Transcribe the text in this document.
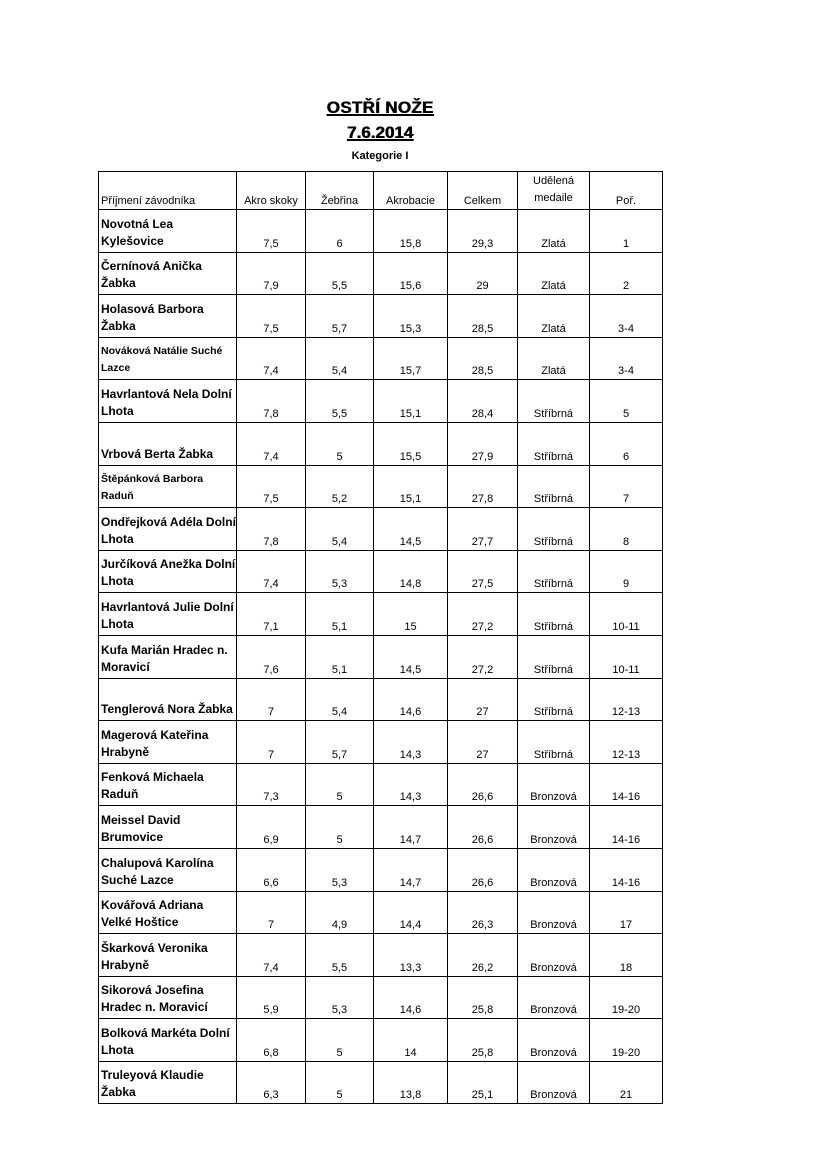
OSTŘÍ NOŽE
7.6.2014
Kategorie I
Příjmení závodníka	Akro skoky	Žebřina	Akrobacie	Celkem	Udělená
medaile	Poř.

Novotná Lea
Kylešovice	7,5	6	15,8	29,3	Zlatá	1

Černínová Anička
Žabka	7,9	5,5	15,6	29	Zlatá	2

Holasová Barbora
Žabka	7,5	5,7	15,3	28,5	Zlatá	3-4

Nováková Natálie Suché
Lazce	7,4	5,4	15,7	28,5	Zlatá	3-4

Havrlantová Nela Dolní
Lhota	7,8	5,5	15,1	28,4	Stříbrná	5

Vrbová Berta Žabka	7,4	5	15,5	27,9	Stříbrná	6

Štěpánková Barbora
Raduň	7,5	5,2	15,1	27,8	Stříbrná	7

Ondřejková Adéla Dolní
Lhota	7,8	5,4	14,5	27,7	Stříbrná	8

Jurčíková Anežka Dolní
Lhota	7,4	5,3	14,8	27,5	Stříbrná	9

Havrlantová Julie Dolní
Lhota	7,1	5,1	15	27,2	Stříbrná	10-11

Kufa Marián Hradec n.
Moravicí	7,6	5,1	14,5	27,2	Stříbrná	10-11

Tenglerová Nora Žabka	7	5,4	14,6	27	Stříbrná	12-13

Magerová Kateřina
Hrabyně	7	5,7	14,3	27	Stříbrná	12-13

Fenková Michaela
Raduň	7,3	5	14,3	26,6	Bronzová	14-16

Meissel David
Brumovice	6,9	5	14,7	26,6	Bronzová	14-16

Chalupová Karolína
Suché Lazce	6,6	5,3	14,7	26,6	Bronzová	14-16

Kovářová Adriana
Velké Hoštice	7	4,9	14,4	26,3	Bronzová	17

Škarková Veronika
Hrabyně	7,4	5,5	13,3	26,2	Bronzová	18

Sikorová Josefina
Hradec n. Moravicí	5,9	5,3	14,6	25,8	Bronzová	19-20

Bolková Markéta Dolní
Lhota	6,8	5	14	25,8	Bronzová	19-20

Truleyová Klaudie
Žabka	6,3	5	13,8	25,1	Bronzová	21
